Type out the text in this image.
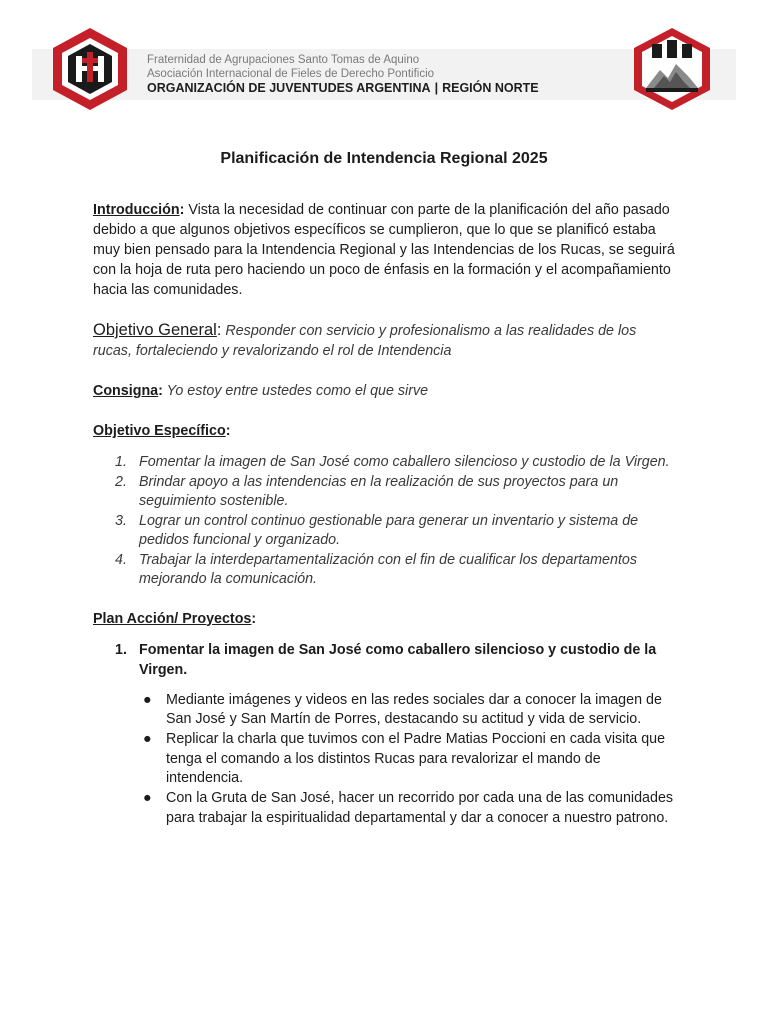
Fraternidad de Agrupaciones Santo Tomas de Aquino
Asociación Internacional de Fieles de Derecho Pontificio
ORGANIZACIÓN DE JUVENTUDES ARGENTINA | REGIÓN NORTE
Planificación de Intendencia Regional 2025

Introducción: Vista la necesidad de continuar con parte de la planificación del año pasado debido a que algunos objetivos específicos se cumplieron, que lo que se planificó estaba muy bien pensado para la Intendencia Regional y las Intendencias de los Rucas, se seguirá con la hoja de ruta pero haciendo un poco de énfasis en la formación y el acompañamiento hacia las comunidades.

Objetivo General: Responder con servicio y profesionalismo a las realidades de los rucas, fortaleciendo y revalorizando el rol de Intendencia

Consigna: Yo estoy entre ustedes como el que sirve

Objetivo Específico:

1. Fomentar la imagen de San José como caballero silencioso y custodio de la Virgen.
2. Brindar apoyo a las intendencias en la realización de sus proyectos para un seguimiento sostenible.
3. Lograr un control continuo gestionable para generar un inventario y sistema de pedidos funcional y organizado.
4. Trabajar la interdepartamentalización con el fin de cualificar los departamentos mejorando la comunicación.

Plan Acción/ Proyectos:

1. Fomentar la imagen de San José como caballero silencioso y custodio de la Virgen.
● Mediante imágenes y videos en las redes sociales dar a conocer la imagen de San José y San Martín de Porres, destacando su actitud y vida de servicio.
● Replicar la charla que tuvimos con el Padre Matias Poccioni en cada visita que tenga el comando a los distintos Rucas para revalorizar el mando de intendencia.
● Con la Gruta de San José, hacer un recorrido por cada una de las comunidades para trabajar la espiritualidad departamental y dar a conocer a nuestro patrono.
